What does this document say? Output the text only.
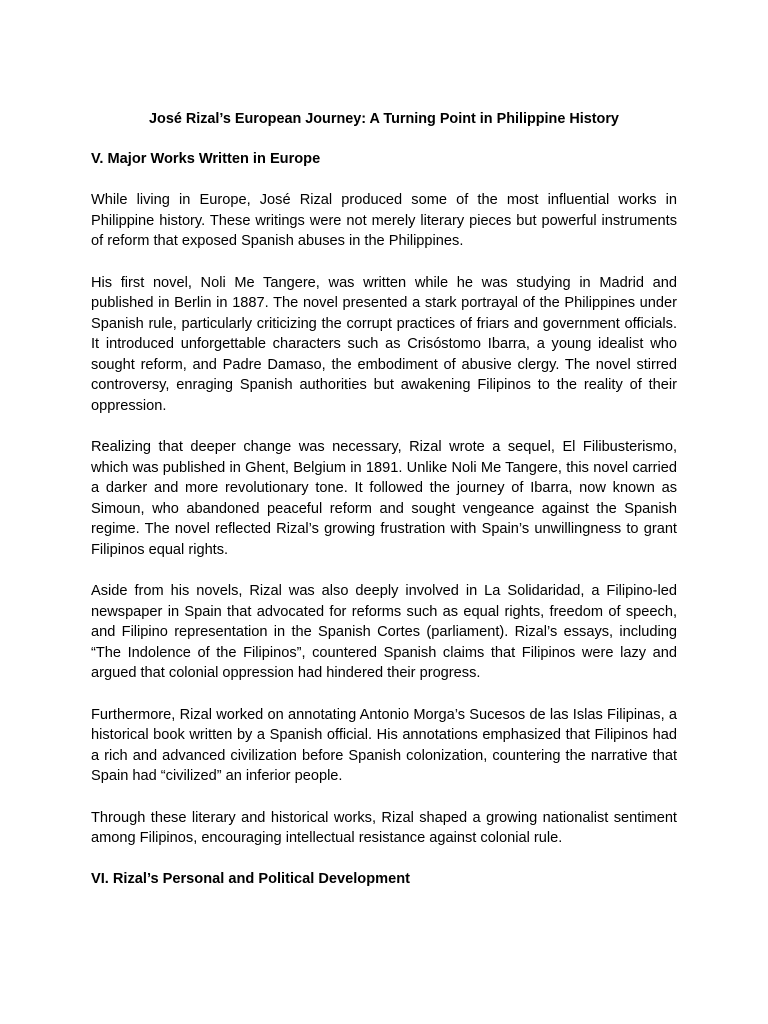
José Rizal’s European Journey: A Turning Point in Philippine History

V. Major Works Written in Europe

While living in Europe, José Rizal produced some of the most influential works in Philippine history. These writings were not merely literary pieces but powerful instruments of reform that exposed Spanish abuses in the Philippines.

His first novel, Noli Me Tangere, was written while he was studying in Madrid and published in Berlin in 1887. The novel presented a stark portrayal of the Philippines under Spanish rule, particularly criticizing the corrupt practices of friars and government officials. It introduced unforgettable characters such as Crisóstomo Ibarra, a young idealist who sought reform, and Padre Damaso, the embodiment of abusive clergy. The novel stirred controversy, enraging Spanish authorities but awakening Filipinos to the reality of their oppression.

Realizing that deeper change was necessary, Rizal wrote a sequel, El Filibusterismo, which was published in Ghent, Belgium in 1891. Unlike Noli Me Tangere, this novel carried a darker and more revolutionary tone. It followed the journey of Ibarra, now known as Simoun, who abandoned peaceful reform and sought vengeance against the Spanish regime. The novel reflected Rizal’s growing frustration with Spain’s unwillingness to grant Filipinos equal rights.

Aside from his novels, Rizal was also deeply involved in La Solidaridad, a Filipino-led newspaper in Spain that advocated for reforms such as equal rights, freedom of speech, and Filipino representation in the Spanish Cortes (parliament). Rizal’s essays, including “The Indolence of the Filipinos”, countered Spanish claims that Filipinos were lazy and argued that colonial oppression had hindered their progress.

Furthermore, Rizal worked on annotating Antonio Morga’s Sucesos de las Islas Filipinas, a historical book written by a Spanish official. His annotations emphasized that Filipinos had a rich and advanced civilization before Spanish colonization, countering the narrative that Spain had “civilized” an inferior people.

Through these literary and historical works, Rizal shaped a growing nationalist sentiment among Filipinos, encouraging intellectual resistance against colonial rule.

VI. Rizal’s Personal and Political Development
